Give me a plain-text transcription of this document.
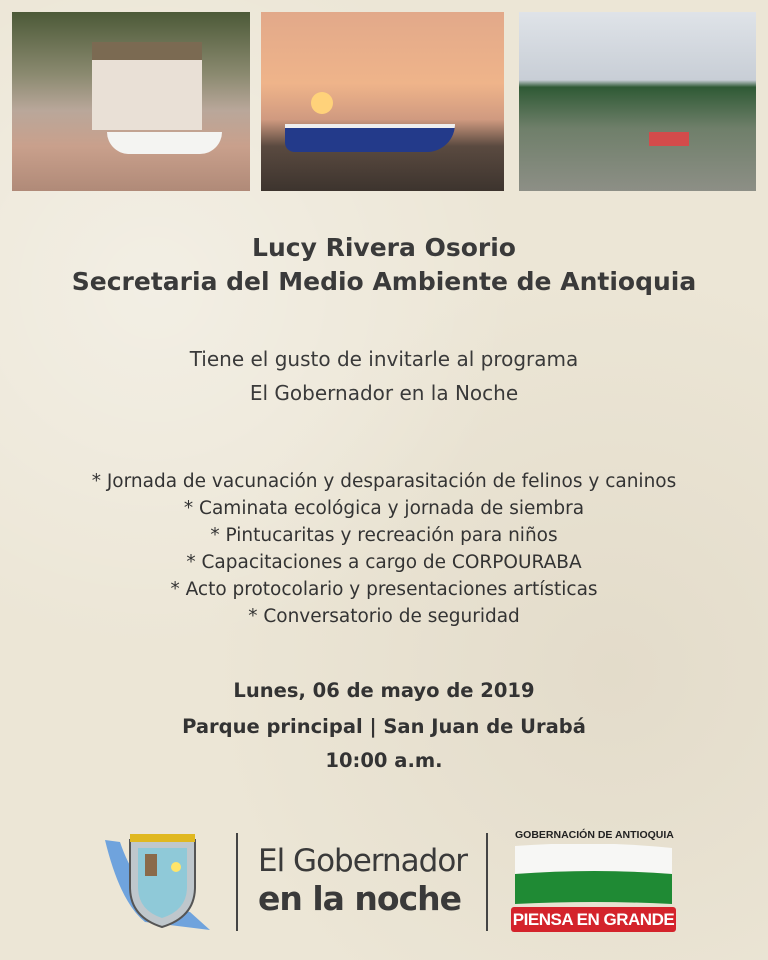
Lucy Rivera Osorio
Secretaria del Medio Ambiente de Antioquia
Tiene el gusto de invitarle al programa
El Gobernador en la Noche
* Jornada de vacunación y desparasitación de felinos y caninos
* Caminata ecológica y jornada de siembra
* Pintucaritas y recreación para niños
* Capacitaciones a cargo de CORPOURABA
* Acto protocolario y presentaciones artísticas
* Conversatorio de seguridad
Lunes, 06 de mayo de 2019
Parque principal | San Juan de Urabá
10:00 a.m.
El Gobernador
en la noche
GOBERNACIÓN DE ANTIOQUIA
PIENSA EN GRANDE
